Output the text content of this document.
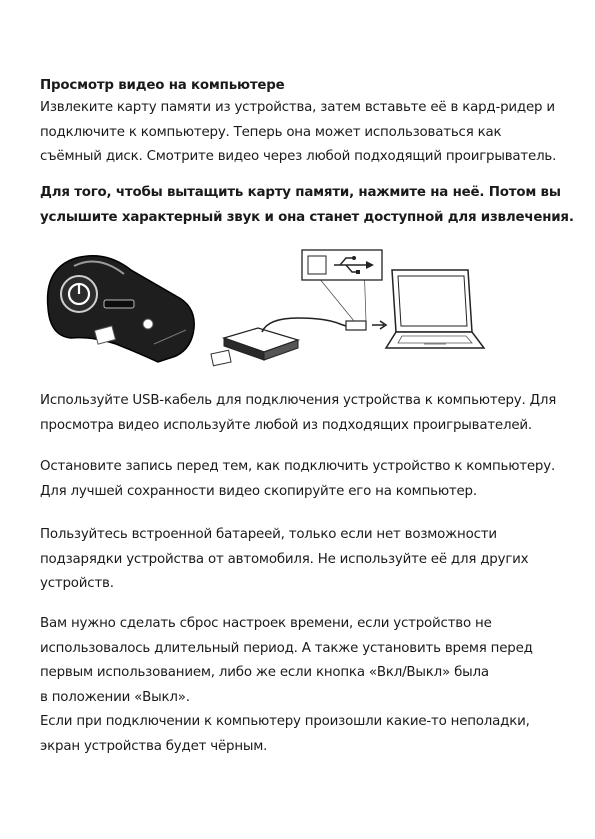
Просмотр видео на компьютере
Извлеките карту памяти из устройства, затем вставьте её в кард-ридер и
подключите к компьютеру. Теперь она может использоваться как
съёмный диск. Смотрите видео через любой подходящий проигрыватель.
Для того, чтобы вытащить карту памяти, нажмите на неё. Потом вы
услышите характерный звук и она станет доступной для извлечения.
Используйте USB-кабель для подключения устройства к компьютеру. Для
просмотра видео используйте любой из подходящих проигрывателей.
Остановите запись перед тем, как подключить устройство к компьютеру.
Для лучшей сохранности видео скопируйте его на компьютер.
Пользуйтесь встроенной батареей, только если нет возможности
подзарядки устройства от автомобиля. Не используйте её для других
устройств.
Вам нужно сделать сброс настроек времени, если устройство не
использовалось длительный период. А также установить время перед
первым использованием, либо же если кнопка «Вкл/Выкл» была
в положении «Выкл».
Если при подключении к компьютеру произошли какие-то неполадки,
экран устройства будет чёрным.
